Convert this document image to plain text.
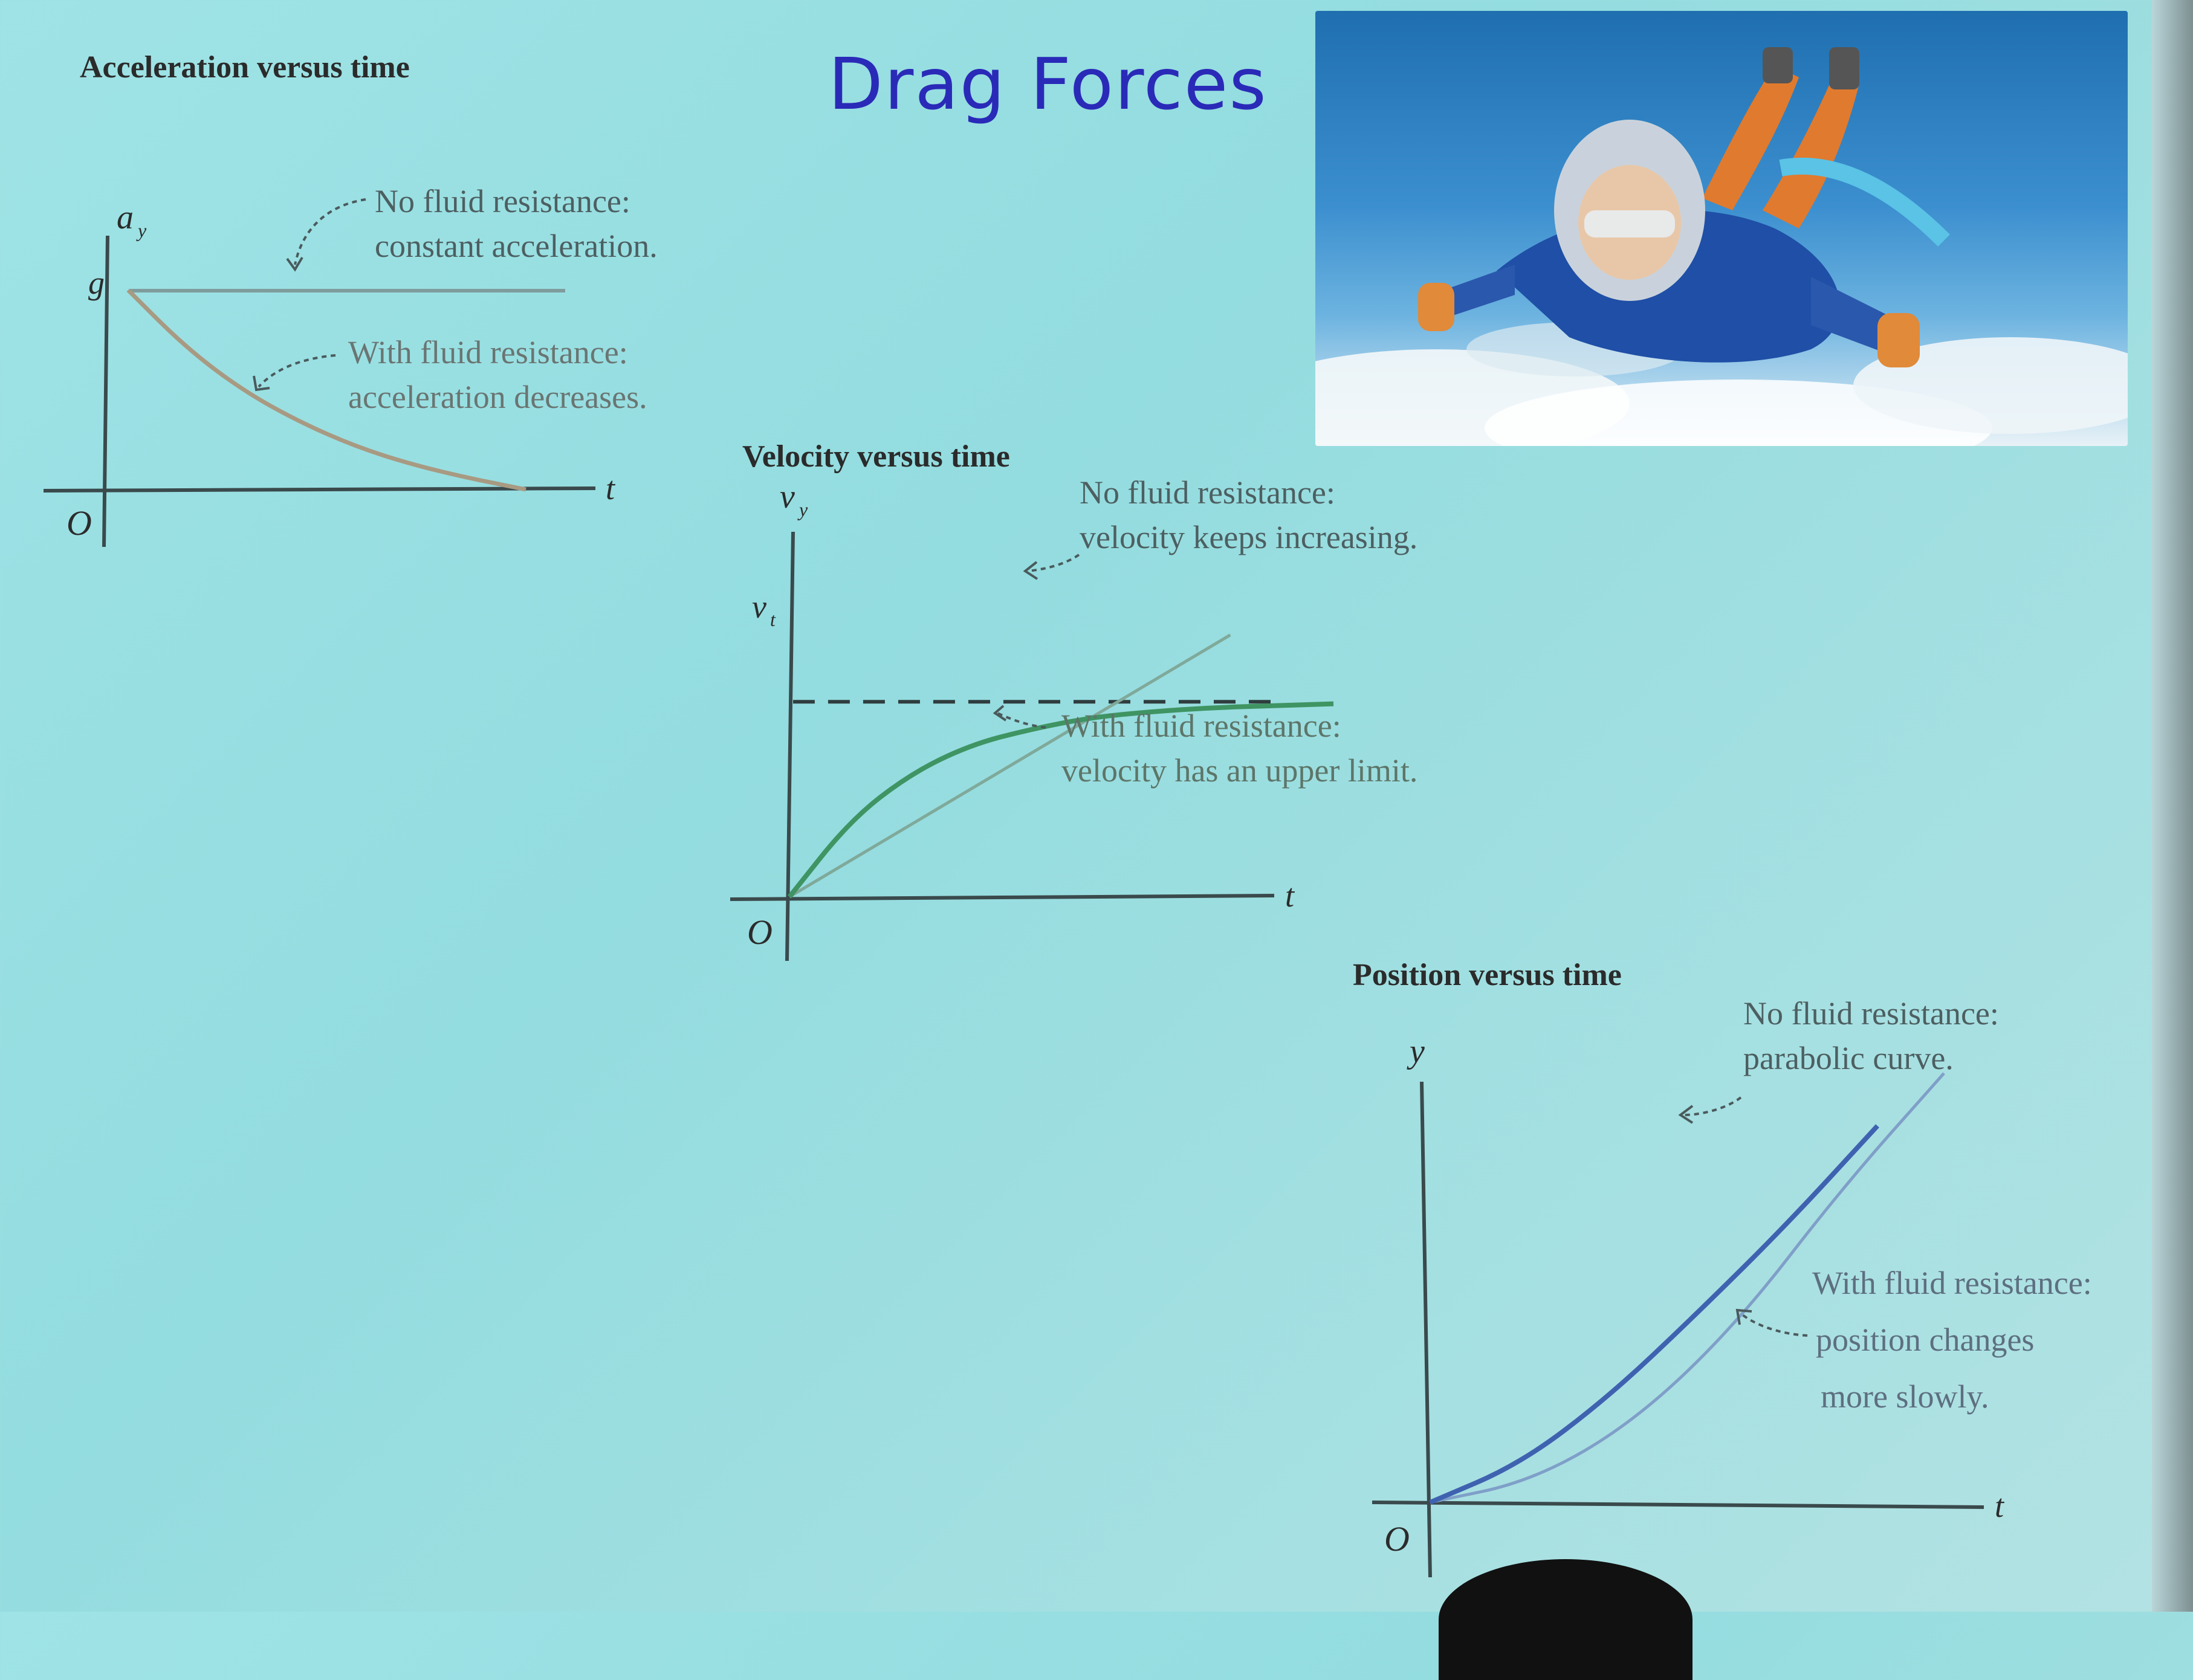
Drag Forces
Acceleration versus time
a y
g
t
O
No fluid resistance:
constant acceleration.
With fluid resistance:
acceleration decreases.
Velocity versus time
v y
v t
t
O
No fluid resistance:
velocity keeps increasing.
With fluid resistance:
velocity has an upper limit.
Position versus time
y
t
O
No fluid resistance:
parabolic curve.
With fluid resistance:
position changes
more slowly.
